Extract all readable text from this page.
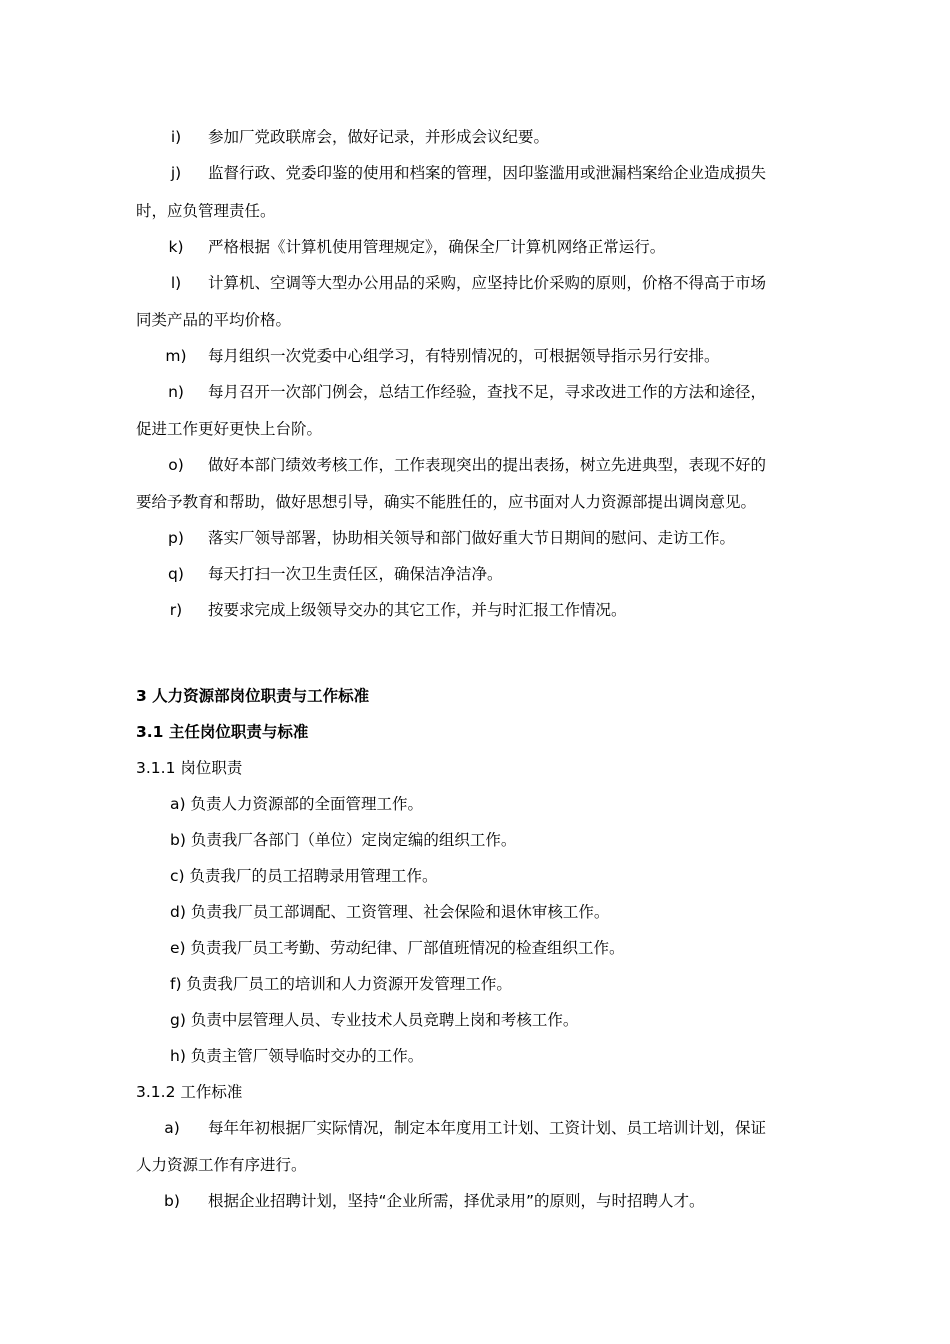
i)	参加厂党政联席会，做好记录，并形成会议纪要。
j)	监督行政、党委印鉴的使用和档案的管理，因印鉴滥用或泄漏档案给企业造成损失
时，应负管理责任。
k)	严格根据《计算机使用管理规定》，确保全厂计算机网络正常运行。
l)	计算机、空调等大型办公用品的采购，应坚持比价采购的原则，价格不得高于市场
同类产品的平均价格。
m)	每月组织一次党委中心组学习，有特别情况的，可根据领导指示另行安排。
n)	每月召开一次部门例会，总结工作经验，查找不足，寻求改进工作的方法和途径，
促进工作更好更快上台阶。
o)	做好本部门绩效考核工作，工作表现突出的提出表扬，树立先进典型，表现不好的
要给予教育和帮助，做好思想引导，确实不能胜任的，应书面对人力资源部提出调岗意见。
p)	落实厂领导部署，协助相关领导和部门做好重大节日期间的慰问、走访工作。
q)	每天打扫一次卫生责任区，确保洁净洁净。
r)	按要求完成上级领导交办的其它工作，并与时汇报工作情况。
3 人力资源部岗位职责与工作标准
3.1 主任岗位职责与标准
3.1.1 岗位职责
a) 负责人力资源部的全面管理工作。
b) 负责我厂各部门（单位）定岗定编的组织工作。
c) 负责我厂的员工招聘录用管理工作。
d) 负责我厂员工部调配、工资管理、社会保险和退休审核工作。
e) 负责我厂员工考勤、劳动纪律、厂部值班情况的检查组织工作。
f) 负责我厂员工的培训和人力资源开发管理工作。
g) 负责中层管理人员、专业技术人员竞聘上岗和考核工作。
h) 负责主管厂领导临时交办的工作。
3.1.2 工作标准
a)	每年年初根据厂实际情况，制定本年度用工计划、工资计划、员工培训计划，保证
人力资源工作有序进行。
b)	根据企业招聘计划，坚持“企业所需，择优录用”的原则，与时招聘人才。
